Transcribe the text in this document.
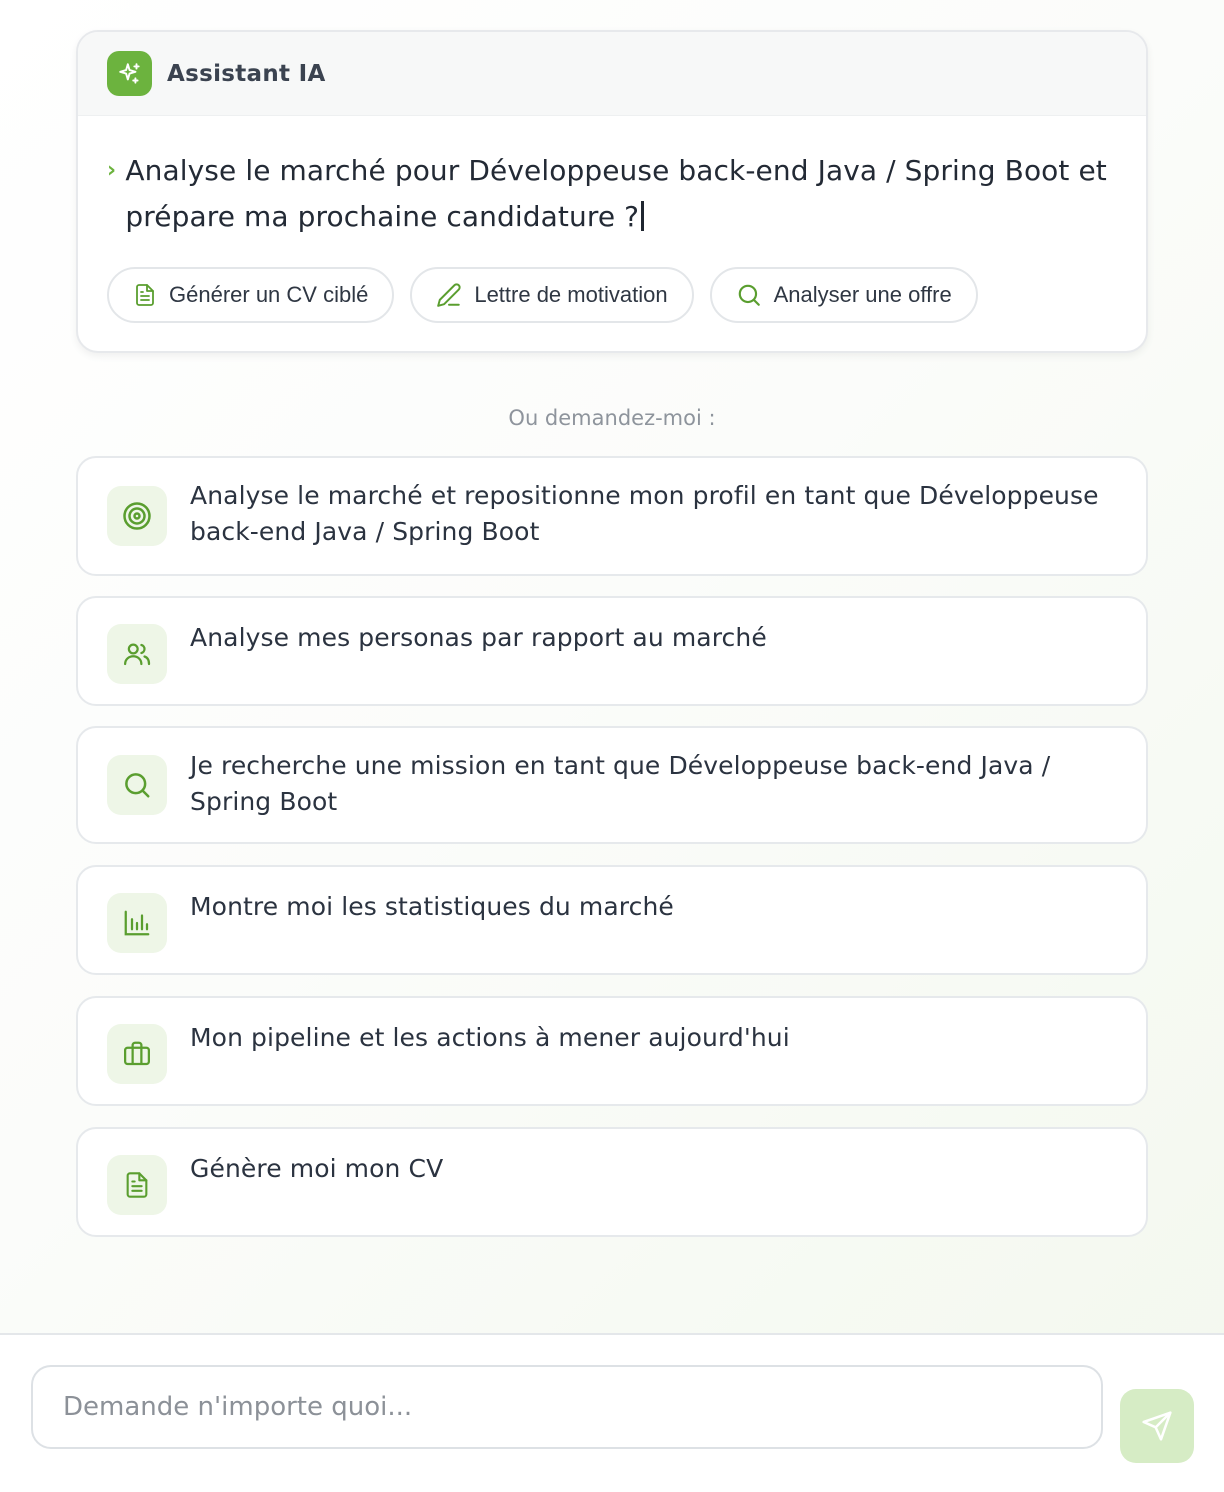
Assistant IA
› Analyse le marché pour Développeuse back-end Java / Spring Boot et prépare ma prochaine candidature ?

Générer un CV ciblé	Lettre de motivation	Analyser une offre
Ou demandez-moi :
Analyse le marché et repositionne mon profil en tant que Développeuse back-end Java / Spring Boot
Analyse mes personas par rapport au marché
Je recherche une mission en tant que Développeuse back-end Java / Spring Boot
Montre moi les statistiques du marché
Mon pipeline et les actions à mener aujourd'hui
Génère moi mon CV
Demande n'importe quoi...
